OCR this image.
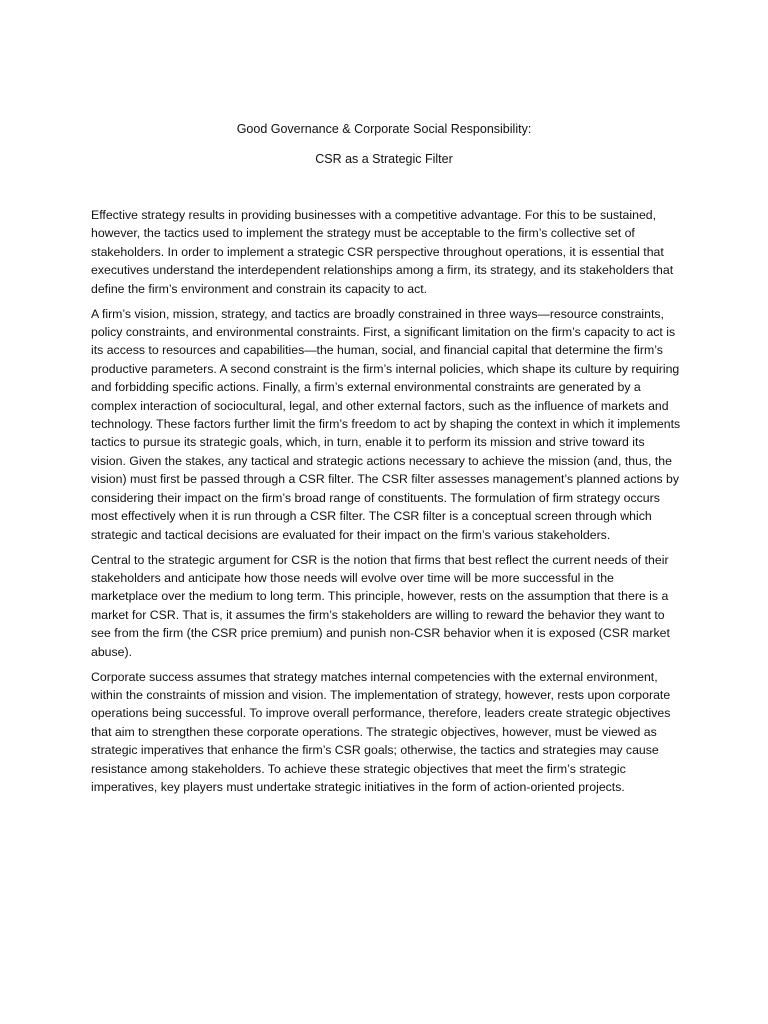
Good Governance & Corporate Social Responsibility:
CSR as a Strategic Filter

Effective strategy results in providing businesses with a competitive advantage. For this to be sustained, however, the tactics used to implement the strategy must be acceptable to the firm’s collective set of stakeholders. In order to implement a strategic CSR perspective throughout operations, it is essential that executives understand the interdependent relationships among a firm, its strategy, and its stakeholders that define the firm’s environment and constrain its capacity to act.

A firm’s vision, mission, strategy, and tactics are broadly constrained in three ways—resource constraints, policy constraints, and environmental constraints. First, a significant limitation on the firm’s capacity to act is its access to resources and capabilities—the human, social, and financial capital that determine the firm’s productive parameters. A second constraint is the firm’s internal policies, which shape its culture by requiring and forbidding specific actions. Finally, a firm’s external environmental constraints are generated by a complex interaction of sociocultural, legal, and other external factors, such as the influence of markets and technology. These factors further limit the firm’s freedom to act by shaping the context in which it implements tactics to pursue its strategic goals, which, in turn, enable it to perform its mission and strive toward its vision. Given the stakes, any tactical and strategic actions necessary to achieve the mission (and, thus, the vision) must first be passed through a CSR filter. The CSR filter assesses management’s planned actions by considering their impact on the firm’s broad range of constituents. The formulation of firm strategy occurs most effectively when it is run through a CSR filter. The CSR filter is a conceptual screen through which strategic and tactical decisions are evaluated for their impact on the firm’s various stakeholders.

Central to the strategic argument for CSR is the notion that firms that best reflect the current needs of their stakeholders and anticipate how those needs will evolve over time will be more successful in the marketplace over the medium to long term. This principle, however, rests on the assumption that there is a market for CSR. That is, it assumes the firm’s stakeholders are willing to reward the behavior they want to see from the firm (the CSR price premium) and punish non-CSR behavior when it is exposed (CSR market abuse).

Corporate success assumes that strategy matches internal competencies with the external environment, within the constraints of mission and vision. The implementation of strategy, however, rests upon corporate operations being successful. To improve overall performance, therefore, leaders create strategic objectives that aim to strengthen these corporate operations. The strategic objectives, however, must be viewed as strategic imperatives that enhance the firm’s CSR goals; otherwise, the tactics and strategies may cause resistance among stakeholders. To achieve these strategic objectives that meet the firm’s strategic imperatives, key players must undertake strategic initiatives in the form of action-oriented projects.
